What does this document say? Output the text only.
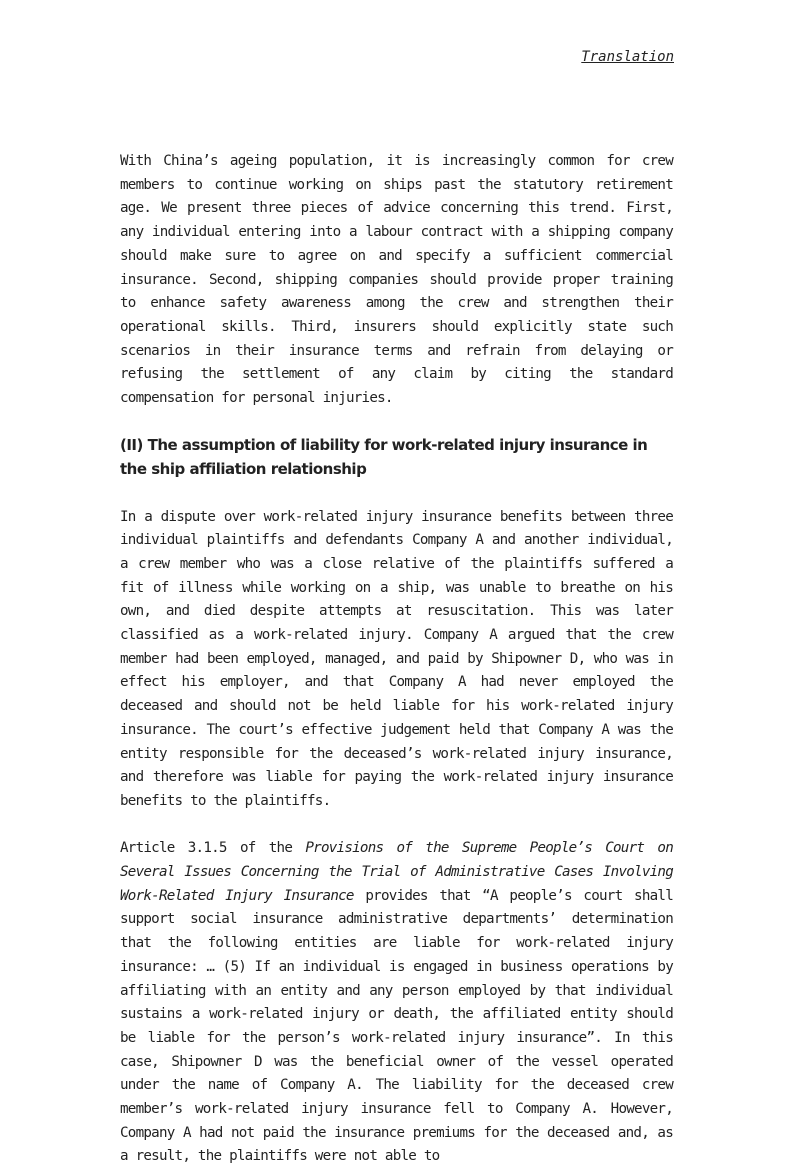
Translation

With China’s ageing population, it is increasingly common for crew members to continue working on ships past the statutory retirement age. We present three pieces of advice concerning this trend. First, any individual entering into a labour contract with a shipping company should make sure to agree on and specify a sufficient commercial insurance. Second, shipping companies should provide proper training to enhance safety awareness among the crew and strengthen their operational skills. Third, insurers should explicitly state such scenarios in their insurance terms and refrain from delaying or refusing the settlement of any claim by citing the standard compensation for personal injuries.

(II) The assumption of liability for work-related injury insurance in the ship affiliation relationship

In a dispute over work-related injury insurance benefits between three individual plaintiffs and defendants Company A and another individual, a crew member who was a close relative of the plaintiffs suffered a fit of illness while working on a ship, was unable to breathe on his own, and died despite attempts at resuscitation. This was later classified as a work-related injury. Company A argued that the crew member had been employed, managed, and paid by Shipowner D, who was in effect his employer, and that Company A had never employed the deceased and should not be held liable for his work-related injury insurance. The court’s effective judgement held that Company A was the entity responsible for the deceased’s work-related injury insurance, and therefore was liable for paying the work-related injury insurance benefits to the plaintiffs.

Article 3.1.5 of the Provisions of the Supreme People’s Court on Several Issues Concerning the Trial of Administrative Cases Involving Work-Related Injury Insurance provides that “A people’s court shall support social insurance administrative departments’ determination that the following entities are liable for work-related injury insurance: … (5) If an individual is engaged in business operations by affiliating with an entity and any person employed by that individual sustains a work-related injury or death, the affiliated entity should be liable for the person’s work-related injury insurance”. In this case, Shipowner D was the beneficial owner of the vessel operated under the name of Company A. The liability for the deceased crew member’s work-related injury insurance fell to Company A. However, Company A had not paid the insurance premiums for the deceased and, as a result, the plaintiffs were not able to
